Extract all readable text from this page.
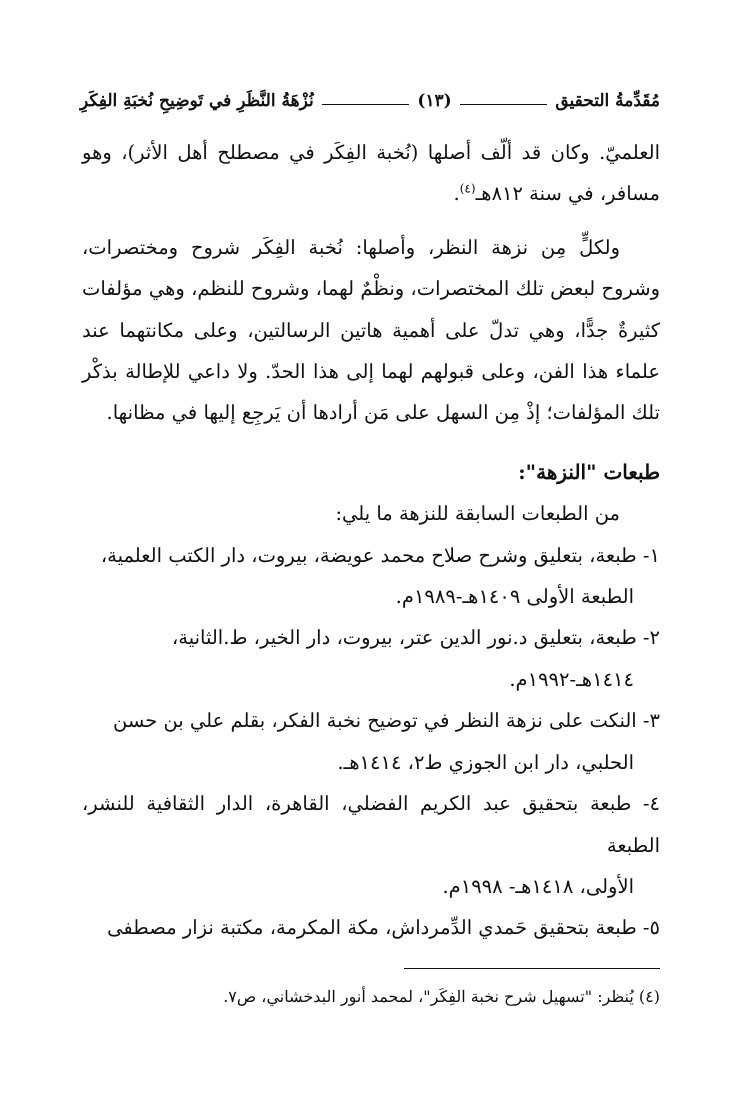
مُقَدِّمةُ التحقيق
(١٣)
نُزْهَةُ النَّظَرِ في تَوضِيحِ نُخبَةِ الفِكَرِ

العلميّ. وكان قد ألّف أصلها (نُخبة الفِكَر في مصطلح أهل الأثر)، وهو مسافر، في سنة ٨١٢هـ$^{(٤)}$.

ولكلٍّ مِن نزهة النظر، وأصلها: نُخبة الفِكَر شروح ومختصرات، وشروح لبعض تلك المختصرات، ونظْمٌ لهما، وشروح للنظم، وهي مؤلفات كثيرةٌ جدًّا، وهي تدلّ على أهمية هاتين الرسالتين، وعلى مكانتهما عند علماء هذا الفن، وعلى قبولهم لهما إلى هذا الحدّ. ولا داعي للإطالة بذكْر تلك المؤلفات؛ إذْ مِن السهل على مَن أرادها أن يَرجِع إليها في مظانها.

طبعات "النزهة":

من الطبعات السابقة للنزهة ما يلي:

١- طبعة، بتعليق وشرح صلاح محمد عويضة، بيروت، دار الكتب العلمية،
الطبعة الأولى ١٤٠٩هـ-١٩٨٩م.

٢- طبعة، بتعليق د.نور الدين عتر، بيروت، دار الخير، ط.الثانية،
١٤١٤هـ-١٩٩٢م.

٣- النكت على نزهة النظر في توضيح نخبة الفكر، بقلم علي بن حسن
الحلبي، دار ابن الجوزي ط٢، ١٤١٤هـ.

٤- طبعة بتحقيق عبد الكريم الفضلي، القاهرة، الدار الثقافية للنشر، الطبعة
الأولى، ١٤١٨هـ- ١٩٩٨م.

٥- طبعة بتحقيق حَمدي الدِّمرداش، مكة المكرمة، مكتبة نزار مصطفى

(٤) يُنظر: "تسهيل شرح نخبة الفِكَر"، لمحمد أنور البدخشاني، ص٧.
